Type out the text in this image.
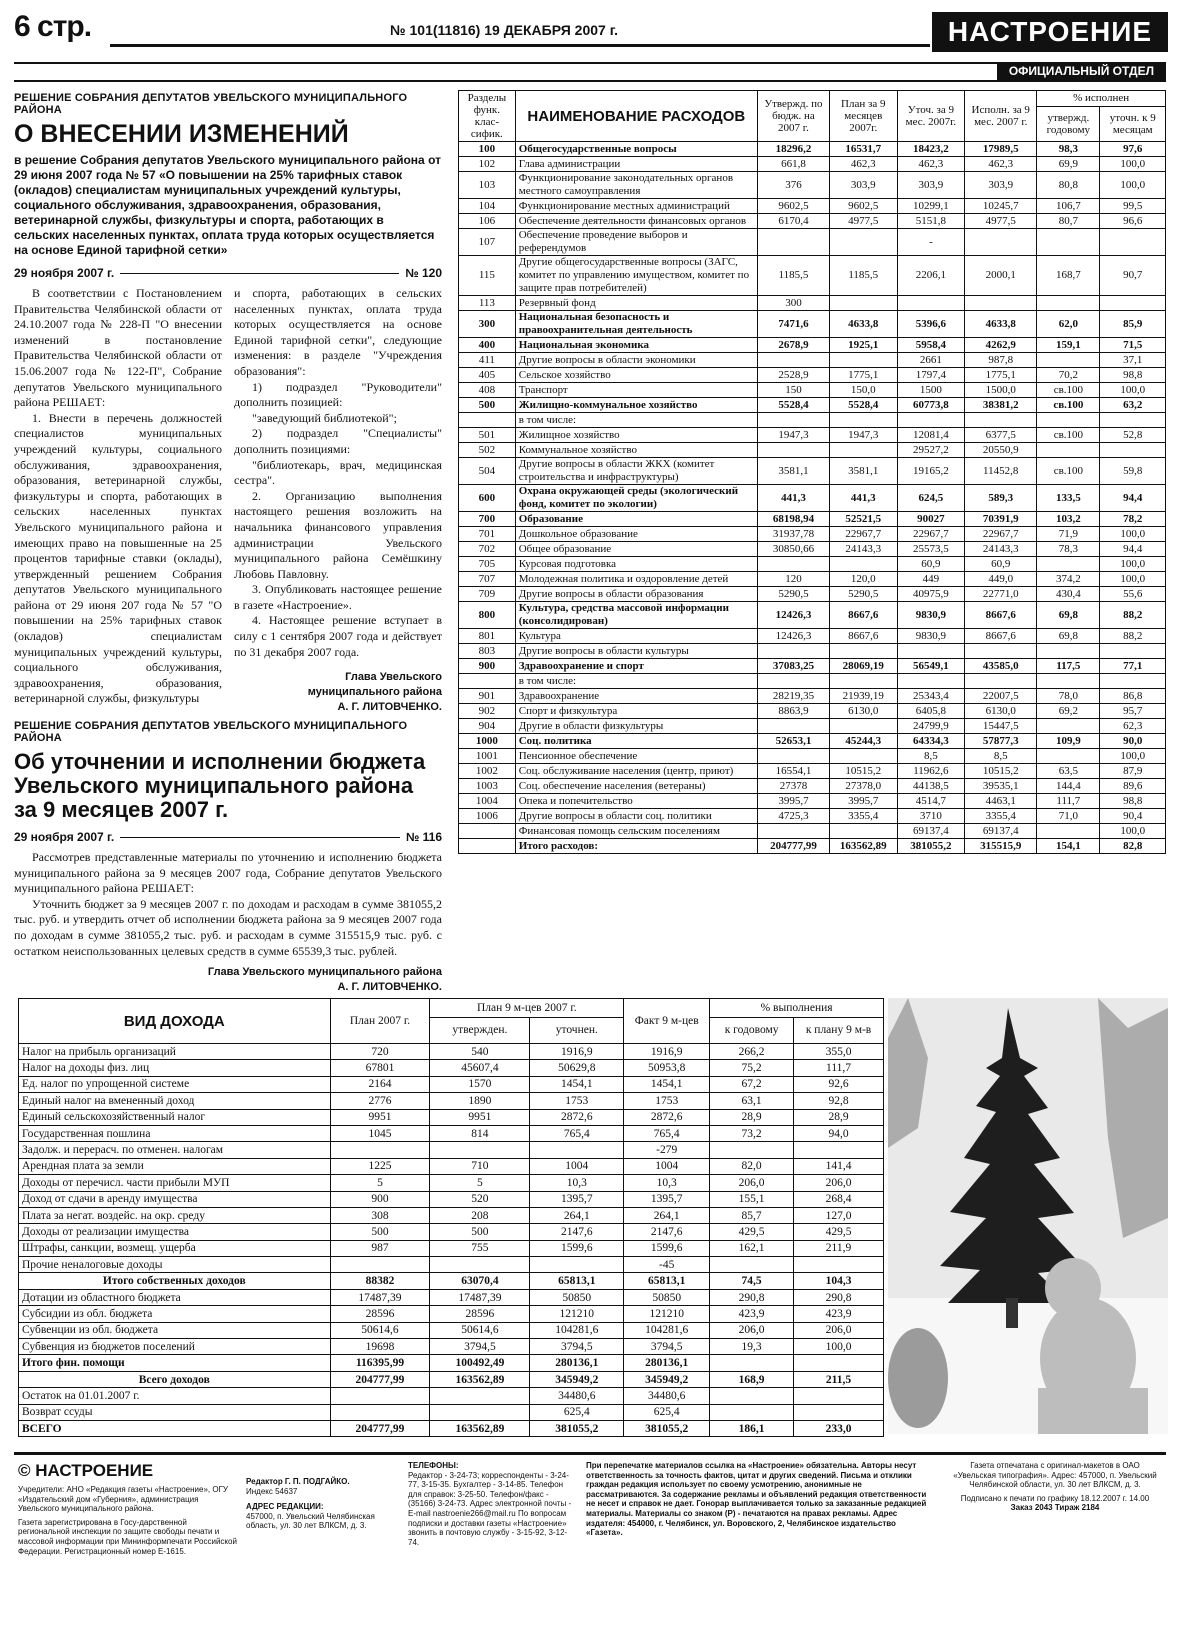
6 стр.	№ 101(11816) 19 ДЕКАБРЯ 2007 г.	НАСТРОЕНИЕ
ОФИЦИАЛЬНЫЙ ОТДЕЛ
РЕШЕНИЕ СОБРАНИЯ ДЕПУТАТОВ УВЕЛЬСКОГО МУНИЦИПАЛЬНОГО РАЙОНА
О ВНЕСЕНИИ ИЗМЕНЕНИЙ
в решение Собрания депутатов Увельского муниципального района от 29 июня 2007 года № 57 «О повышении на 25% тарифных ставок (окладов) специалистам муниципальных учреждений культуры, социального обслуживания, здравоохранения, образования, ветеринарной службы, физкультуры и спорта, работающих в сельских населенных пунктах, оплата труда которых осуществляется на основе Единой тарифной сетки»
29 ноября 2007 г.	№ 120

В соответствии с Постановлением Правительства Челябинской области от 24.10.2007 года № 228-П "О внесении изменений в постановление Правительства Челябинской области от 15.06.2007 года № 122-П", Собрание депутатов Увельского муниципального района РЕШАЕТ:

1. Внести в перечень должностей специалистов муниципальных учреждений культуры, социального обслуживания, здравоохранения, образования, ветеринарной службы, физкультуры и спорта, работающих в сельских населенных пунктах Увельского муниципального района и имеющих право на повышенные на 25 процентов тарифные ставки (оклады), утвержденный решением Собрания депутатов Увельского муниципального района от 29 июня 207 года № 57 "О повышении на 25% тарифных ставок (окладов) специалистам муниципальных учреждений культуры, социального обслуживания, здравоохранения, образования, ветеринарной службы, физкультуры

и спорта, работающих в сельских населенных пунктах, оплата труда которых осуществляется на основе Единой тарифной сетки", следующие изменения: в разделе "Учреждения образования":

1) подраздел "Руководители" дополнить позицией:

"заведующий библиотекой";

2) подраздел "Специалисты" дополнить позициями:

"библиотекарь, врач, медицинская сестра".

2. Организацию выполнения настоящего решения возложить на начальника финансового управления администрации Увельского муниципального района Семёшкину Любовь Павловну.

3. Опубликовать настоящее решение в газете «Настроение».

4. Настоящее решение вступает в силу с 1 сентября 2007 года и действует по 31 декабря 2007 года.

Глава Увельского
муниципального района
А. Г. ЛИТОВЧЕНКО.
РЕШЕНИЕ СОБРАНИЯ ДЕПУТАТОВ УВЕЛЬСКОГО МУНИЦИПАЛЬНОГО РАЙОНА
Об уточнении и исполнении бюджета Увельского муниципального района за 9 месяцев 2007 г.
29 ноября 2007 г.	№ 116

Рассмотрев представленные материалы по уточнению и исполнению бюджета муниципального района за 9 месяцев 2007 года, Собрание депутатов Увельского муниципального района РЕШАЕТ:

Уточнить бюджет за 9 месяцев 2007 г. по доходам и расходам в сумме 381055,2 тыс. руб. и утвердить отчет об исполнении бюджета района за 9 месяцев 2007 года по доходам в сумме 381055,2 тыс. руб. и расходам в сумме 315515,9 тыс. руб. с остатком неиспользованных целевых средств в сумме 65539,3 тыс. рублей.

Глава Увельского муниципального района
А. Г. ЛИТОВЧЕНКО.
Разделы функ. клас-сифик.	НАИМЕНОВАНИЕ РАСХОДОВ	Утвержд. по бюдж. на 2007 г.	План за 9 месяцев 2007г.	Уточ. за 9 мес. 2007г.	Исполн. за 9 мес. 2007 г.	% исполнен	
						утвержд. годовому	уточн. к 9 месяцам
100	Общегосударственные вопросы	18296,2	16531,7	18423,2	17989,5	98,3	97,6
102	Глава администрации	661,8	462,3	462,3	462,3	69,9	100,0
103	Функционирование законодательных органов местного самоуправления	376	303,9	303,9	303,9	80,8	100,0
104	Функционирование местных администраций	9602,5	9602,5	10299,1	10245,7	106,7	99,5
106	Обеспечение деятельности финансовых органов	6170,4	4977,5	5151,8	4977,5	80,7	96,6
107	Обеспечение проведение выборов и референдумов			-			
115	Другие общегосударственные вопросы (ЗАГС, комитет по управлению имуществом, комитет по защите прав потребителей)	1185,5	1185,5	2206,1	2000,1	168,7	90,7
113	Резервный фонд	300					
300	Национальная безопасность и правоохранительная деятельность	7471,6	4633,8	5396,6	4633,8	62,0	85,9
400	Национальная экономика	2678,9	1925,1	5958,4	4262,9	159,1	71,5
411	Другие вопросы в области экономики			2661	987,8		37,1
405	Сельское хозяйство	2528,9	1775,1	1797,4	1775,1	70,2	98,8
408	Транспорт	150	150,0	1500	1500,0	св.100	100,0
500	Жилищно-коммунальное хозяйство	5528,4	5528,4	60773,8	38381,2	св.100	63,2
	в том числе:						
501	Жилищное хозяйство	1947,3	1947,3	12081,4	6377,5	св.100	52,8
502	Коммунальное хозяйство			29527,2	20550,9		
504	Другие вопросы в области ЖКХ (комитет строительства и инфраструктуры)	3581,1	3581,1	19165,2	11452,8	св.100	59,8
600	Охрана окружающей среды (экологический фонд, комитет по экологии)	441,3	441,3	624,5	589,3	133,5	94,4
700	Образование	68198,94	52521,5	90027	70391,9	103,2	78,2
701	Дошкольное образование	31937,78	22967,7	22967,7	22967,7	71,9	100,0
702	Общее образование	30850,66	24143,3	25573,5	24143,3	78,3	94,4
705	Курсовая подготовка			60,9	60,9		100,0
707	Молодежная политика и оздоровление детей	120	120,0	449	449,0	374,2	100,0
709	Другие вопросы в области образования	5290,5	5290,5	40975,9	22771,0	430,4	55,6
800	Культура, средства массовой информации (консолидирован)	12426,3	8667,6	9830,9	8667,6	69,8	88,2
801	Культура	12426,3	8667,6	9830,9	8667,6	69,8	88,2
803	Другие вопросы в области культуры						
900	Здравоохранение и спорт	37083,25	28069,19	56549,1	43585,0	117,5	77,1
	в том числе:						
901	Здравоохранение	28219,35	21939,19	25343,4	22007,5	78,0	86,8
902	Спорт и физкультура	8863,9	6130,0	6405,8	6130,0	69,2	95,7
904	Другие в области физкультуры			24799,9	15447,5		62,3
1000	Соц. политика	52653,1	45244,3	64334,3	57877,3	109,9	90,0
1001	Пенсионное обеспечение			8,5	8,5		100,0
1002	Соц. обслуживание населения (центр, приют)	16554,1	10515,2	11962,6	10515,2	63,5	87,9
1003	Соц. обеспечение населения (ветераны)	27378	27378,0	44138,5	39535,1	144,4	89,6
1004	Опека и попечительство	3995,7	3995,7	4514,7	4463,1	111,7	98,8
1006	Другие вопросы в области соц. политики	4725,3	3355,4	3710	3355,4	71,0	90,4
	Финансовая помощь сельским поселениям			69137,4	69137,4		100,0
	Итого расходов:	204777,99	163562,89	381055,2	315515,9	154,1	82,8
ВИД ДОХОДА	План 2007 г.	План 9 м-цев 2007 г.		Факт 9 м-цев	% выполнения	
		утвержден.	уточнен.		к годовому	к плану 9 м-в
Налог на прибыль организаций	720	540	1916,9	1916,9	266,2	355,0
Налог на доходы физ. лиц	67801	45607,4	50629,8	50953,8	75,2	111,7
Ед. налог по упрощенной системе	2164	1570	1454,1	1454,1	67,2	92,6
Единый налог на вмененный доход	2776	1890	1753	1753	63,1	92,8
Единый сельскохозяйственный налог	9951	9951	2872,6	2872,6	28,9	28,9
Государственная пошлина	1045	814	765,4	765,4	73,2	94,0
Задолж. и перерасч. по отменен. налогам				-279		
Арендная плата за земли	1225	710	1004	1004	82,0	141,4
Доходы от перечисл. части прибыли МУП	5	5	10,3	10,3	206,0	206,0
Доход от сдачи в аренду имущества	900	520	1395,7	1395,7	155,1	268,4
Плата за негат. воздейс. на окр. среду	308	208	264,1	264,1	85,7	127,0
Доходы от реализации имущества	500	500	2147,6	2147,6	429,5	429,5
Штрафы, санкции, возмещ. ущерба	987	755	1599,6	1599,6	162,1	211,9
Прочие неналоговые доходы				-45		
Итого собственных доходов	88382	63070,4	65813,1	65813,1	74,5	104,3
Дотации из областного бюджета	17487,39	17487,39	50850	50850	290,8	290,8
Субсидии из обл. бюджета	28596	28596	121210	121210	423,9	423,9
Субвенции из обл. бюджета	50614,6	50614,6	104281,6	104281,6	206,0	206,0
Субвенция из бюджетов поселений	19698	3794,5	3794,5	3794,5	19,3	100,0
Итого фин. помощи	116395,99	100492,49	280136,1	280136,1		
Всего доходов	204777,99	163562,89	345949,2	345949,2	168,9	211,5
Остаток на 01.01.2007 г.			34480,6	34480,6		
Возврат ссуды			625,4	625,4		
ВСЕГО	204777,99	163562,89	381055,2	381055,2	186,1	233,0
© НАСТРОЕНИЕ
Учредители: АНО «Редакция газеты «Настроение», ОГУ «Издательский дом «Губерния», администрация Увельского муниципального района.
Газета зарегистрирована в Госу-дарственной региональной инспекции по защите свободы печати и массовой информации при Мининформпечати Российской Федерации. Регистрационный номер Е-1615.
Редактор Г. П. ПОДГАЙКО.
Индекс 54637
АДРЕС РЕДАКЦИИ:
457000, п. Увельский Челябинская область, ул. 30 лет ВЛКСМ, д. 3.
ТЕЛЕФОНЫ:
Редактор - 3-24-73; корреспонденты - 3-24-77, 3-15-35. Бухгалтер - 3-14-85. Телефон для справок: 3-25-50. Телефон/факс - (35166) 3-24-73. Адрес электронной почты - E-mail nastroenie266@mail.ru По вопросам подписки и доставки газеты «Настроение» звонить в почтовую службу - 3-15-92, 3-12-74.
При перепечатке материалов ссылка на «Настроение» обязательна. Авторы несут ответственность за точность фактов, цитат и других сведений. Письма и отклики граждан редакция использует по своему усмотрению, анонимные не рассматриваются. За содержание рекламы и объявлений редакция ответственности не несет и справок не дает. Гонорар выплачивается только за заказанные редакцией материалы. Материалы со знаком (Р) - печатаются на правах рекламы. Адрес издателя: 454000, г. Челябинск, ул. Воровского, 2, Челябинское издательство «Газета».
Газета отпечатана с оригинал-макетов в ОАО «Увельская типография». Адрес: 457000, п. Увельский Челябинской области, ул. 30 лет ВЛКСМ, д. 3.
Подписано к печати по графику 18.12.2007 г. 14.00
Заказ 2043 Тираж 2184
